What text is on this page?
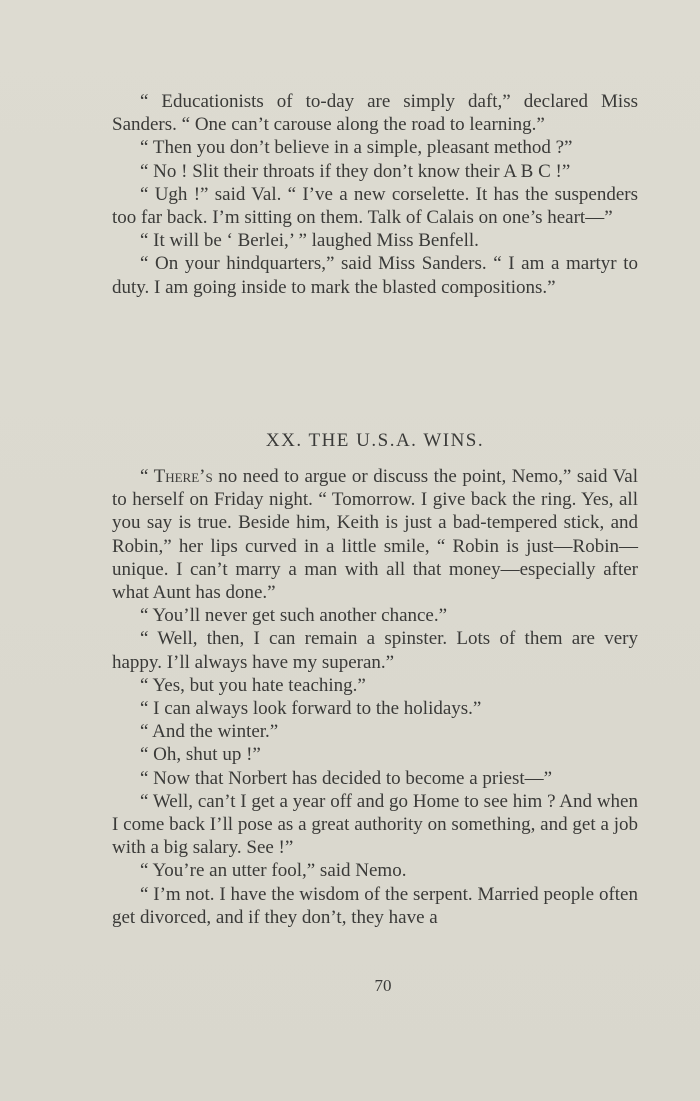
“ Educationists of to-day are simply daft,” declared Miss Sanders. “ One can’t carouse along the road to learning.”

“ Then you don’t believe in a simple, pleasant method ?”

“ No ! Slit their throats if they don’t know their A B C !”

“ Ugh !” said Val. “ I’ve a new corselette. It has the suspenders too far back. I’m sitting on them. Talk of Calais on one’s heart—”

“ It will be ‘ Berlei,’ ” laughed Miss Benfell.

“ On your hindquarters,” said Miss Sanders. “ I am a martyr to duty. I am going inside to mark the blasted compositions.”

XX. THE U.S.A. WINS.

“ There’s no need to argue or discuss the point, Nemo,” said Val to herself on Friday night. “ Tomorrow. I give back the ring. Yes, all you say is true. Beside him, Keith is just a bad-tempered stick, and Robin,” her lips curved in a little smile, “ Robin is just—Robin—unique. I can’t marry a man with all that money—especially after what Aunt has done.”

“ You’ll never get such another chance.”

“ Well, then, I can remain a spinster. Lots of them are very happy. I’ll always have my superan.”

“ Yes, but you hate teaching.”

“ I can always look forward to the holidays.”

“ And the winter.”

“ Oh, shut up !”

“ Now that Norbert has decided to become a priest—”

“ Well, can’t I get a year off and go Home to see him ? And when I come back I’ll pose as a great authority on something, and get a job with a big salary. See !”

“ You’re an utter fool,” said Nemo.

“ I’m not. I have the wisdom of the serpent. Married people often get divorced, and if they don’t, they have a

70
